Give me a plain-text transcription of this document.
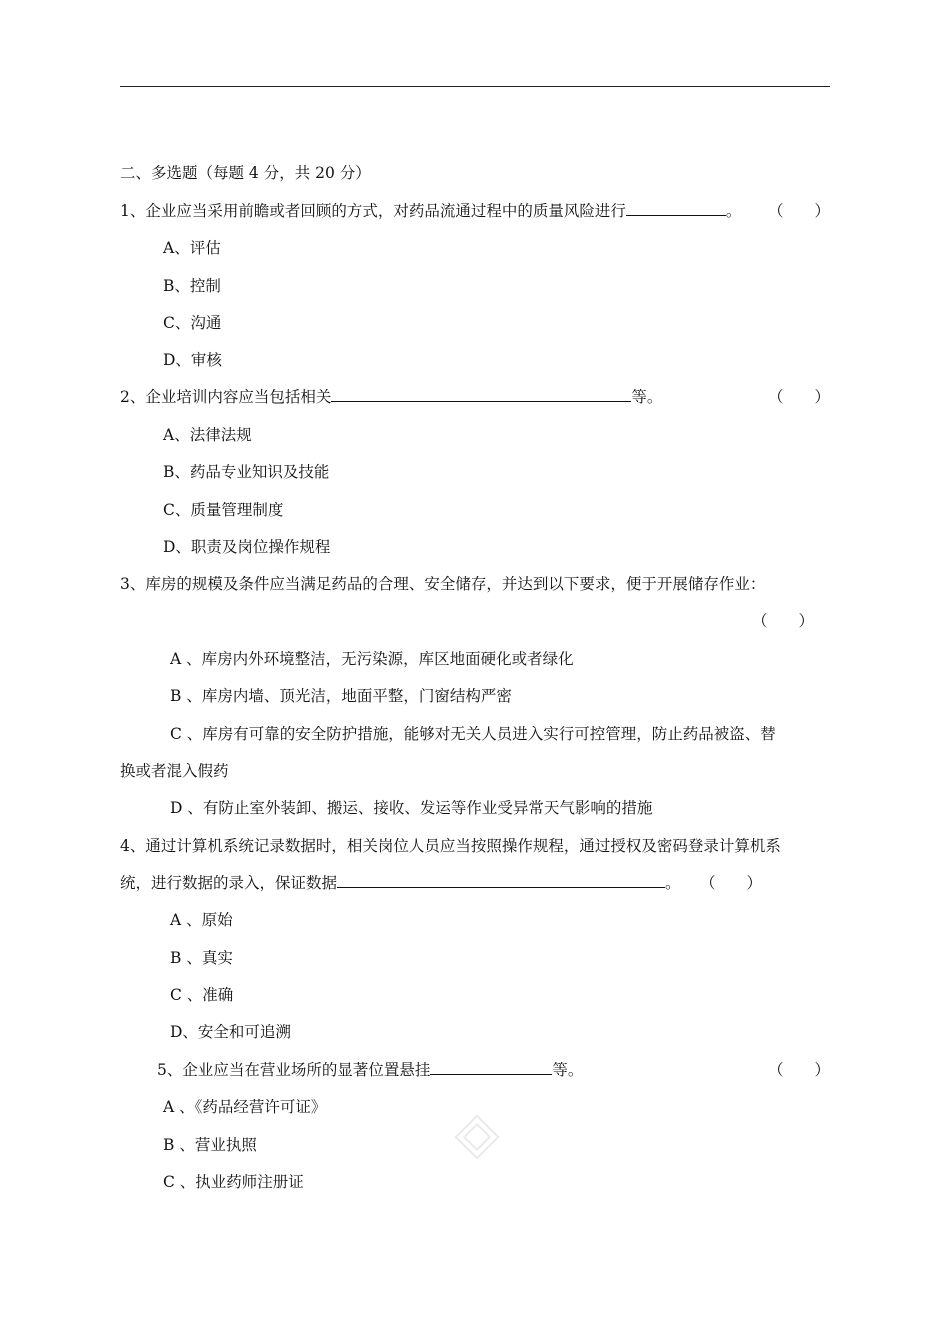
二、多选题（每题 4 分，共 20 分）
1、企业应当采用前瞻或者回顾的方式，对药品流通过程中的质量风险进行	。 （　　）
A、评估
B、控制
C、沟通
D、审核
2、企业培训内容应当包括相关	等。	（　　）
A、法律法规
B、药品专业知识及技能
C、质量管理制度
D、职责及岗位操作规程
3、库房的规模及条件应当满足药品的合理、安全储存，并达到以下要求，便于开展储存作业：
（　　）
A 、库房内外环境整洁，无污染源，库区地面硬化或者绿化
B 、库房内墙、顶光洁，地面平整，门窗结构严密
C 、库房有可靠的安全防护措施，能够对无关人员进入实行可控管理，防止药品被盗、替
换或者混入假药
D 、有防止室外装卸、搬运、接收、发运等作业受异常天气影响的措施
4、通过计算机系统记录数据时，相关岗位人员应当按照操作规程，通过授权及密码登录计算机系
统，进行数据的录入，保证数据	。 （　　）
A 、原始
B 、真实
C 、准确
D、安全和可追溯
5、企业应当在营业场所的显著位置悬挂	等。	（　　）
A 、《药品经营许可证》
B 、营业执照
C 、执业药师注册证
